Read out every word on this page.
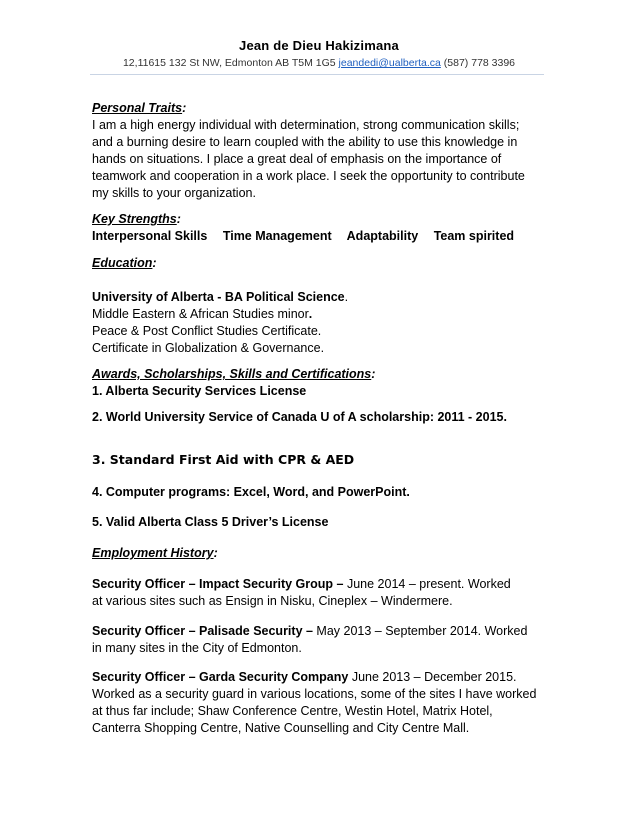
Jean de Dieu Hakizimana
12,11615 132 St NW, Edmonton AB T5M 1G5 jeandedi@ualberta.ca (587) 778 3396
Personal Traits:
I am a high energy individual with determination, strong communication skills;
and a burning desire to learn coupled with the ability to use this knowledge in
hands on situations. I place a great deal of emphasis on the importance of
teamwork and cooperation in a work place. I seek the opportunity to contribute
my skills to your organization.
Key Strengths:
Interpersonal Skills Time Management Adaptability Team spirited
Education:
University of Alberta - BA Political Science.
Middle Eastern & African Studies minor.
Peace & Post Conflict Studies Certificate.
Certificate in Globalization & Governance.
Awards, Scholarships, Skills and Certifications:
1. Alberta Security Services License
2. World University Service of Canada U of A scholarship: 2011 - 2015.
3. Standard First Aid with CPR & AED
4. Computer programs: Excel, Word, and PowerPoint.
5. Valid Alberta Class 5 Driver’s License
Employment History:
Security Officer – Impact Security Group – June 2014 – present. Worked
at various sites such as Ensign in Nisku, Cineplex – Windermere.
Security Officer – Palisade Security – May 2013 – September 2014. Worked
in many sites in the City of Edmonton.
Security Officer – Garda Security Company June 2013 – December 2015.
Worked as a security guard in various locations, some of the sites I have worked
at thus far include; Shaw Conference Centre, Westin Hotel, Matrix Hotel,
Canterra Shopping Centre, Native Counselling and City Centre Mall.
